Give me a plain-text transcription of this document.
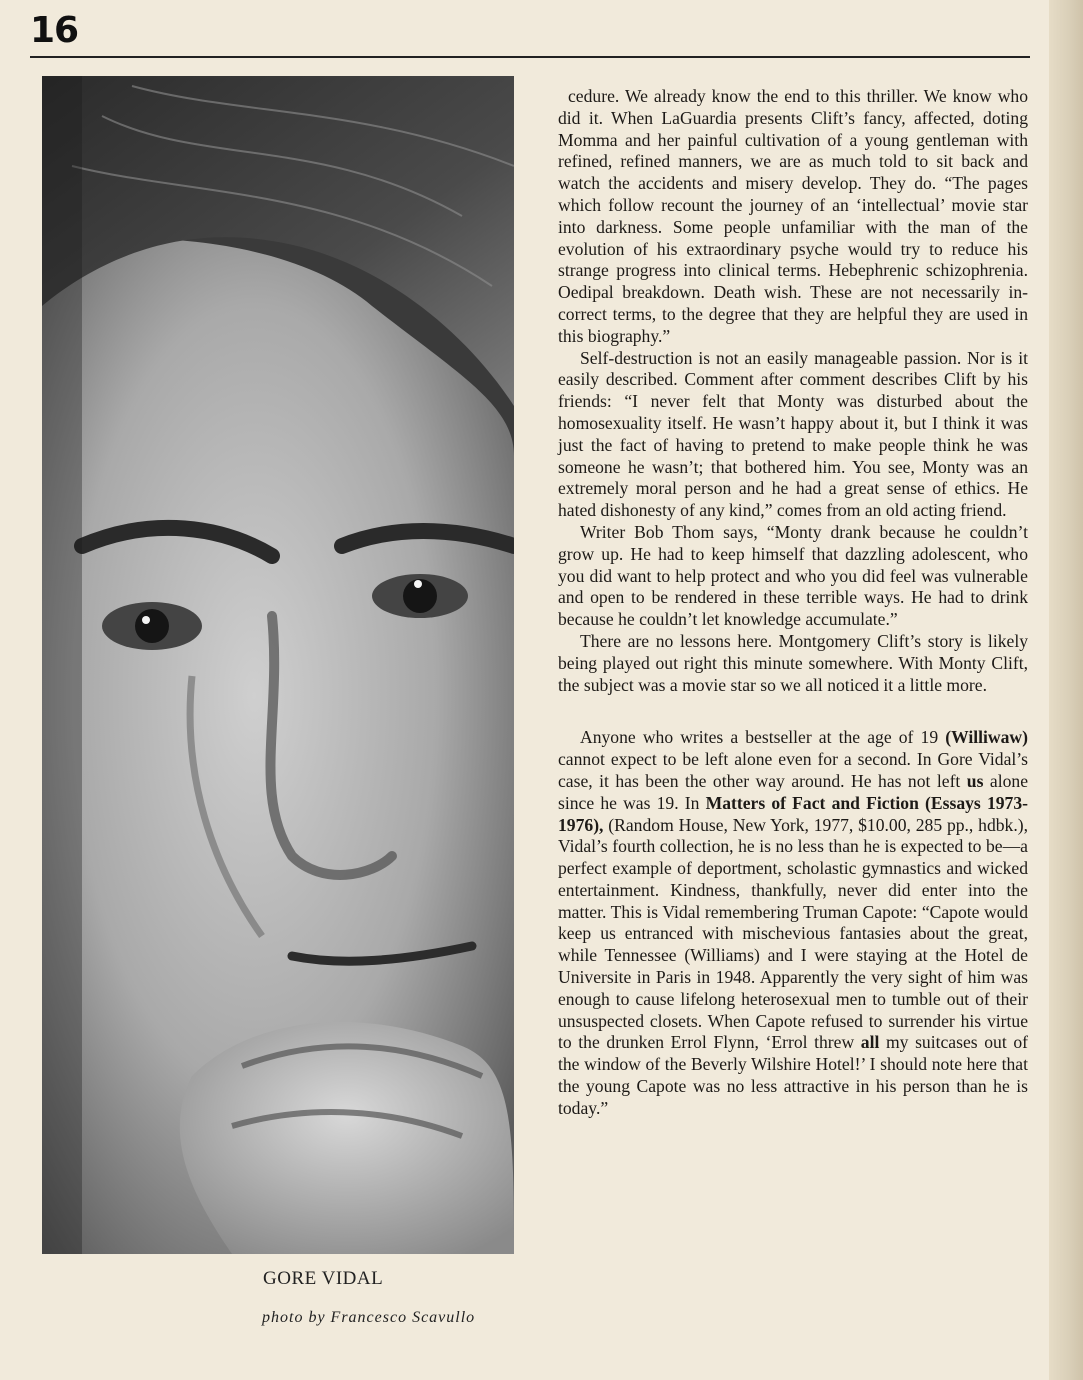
16
GORE VIDAL
photo by Francesco Scavullo

cedure. We already know the end to this thriller. We know who did it. When LaGuardia presents Clift’s fancy, affected, doting Momma and her painful cultivation of a young gentleman with refined, refined manners, we are as much told to sit back and watch the accidents and misery develop. They do. “The pages which follow recount the journey of an ‘intellectual’ movie star into darkness. Some people unfamiliar with the man of the evolution of his extraordinary psyche would try to reduce his strange progress into clinical terms. Hebephrenic schizophrenia. Oedipal breakdown. Death wish. These are not necessarily incorrect terms, to the degree that they are helpful they are used in this biography.”

Self-destruction is not an easily manageable passion. Nor is it easily described. Comment after comment describes Clift by his friends: “I never felt that Monty was disturbed about the homosexuality itself. He wasn’t happy about it, but I think it was just the fact of having to pretend to make people think he was someone he wasn’t; that bothered him. You see, Monty was an extremely moral person and he had a great sense of ethics. He hated dishonesty of any kind,” comes from an old acting friend.

Writer Bob Thom says, “Monty drank because he couldn’t grow up. He had to keep himself that dazzling adolescent, who you did want to help protect and who you did feel was vulnerable and open to be rendered in these terrible ways. He had to drink because he couldn’t let knowledge accumulate.”

There are no lessons here. Montgomery Clift’s story is likely being played out right this minute somewhere. With Monty Clift, the subject was a movie star so we all noticed it a little more.

Anyone who writes a bestseller at the age of 19 (Williwaw) cannot expect to be left alone even for a second. In Gore Vidal’s case, it has been the other way around. He has not left us alone since he was 19. In Matters of Fact and Fiction (Essays 1973-1976), (Random House, New York, 1977, $10.00, 285 pp., hdbk.), Vidal’s fourth collection, he is no less than he is expected to be—a perfect example of deportment, scholastic gymnastics and wicked entertainment. Kindness, thankfully, never did enter into the matter. This is Vidal remembering Truman Capote: “Capote would keep us entranced with mischevious fantasies about the great, while Tennessee (Williams) and I were staying at the Hotel de Universite in Paris in 1948. Apparently the very sight of him was enough to cause lifelong heterosexual men to tumble out of their unsuspected closets. When Capote refused to surrender his virtue to the drunken Errol Flynn, ‘Errol threw all my suitcases out of the window of the Beverly Wilshire Hotel!’ I should note here that the young Capote was no less attractive in his person than he is today.”
